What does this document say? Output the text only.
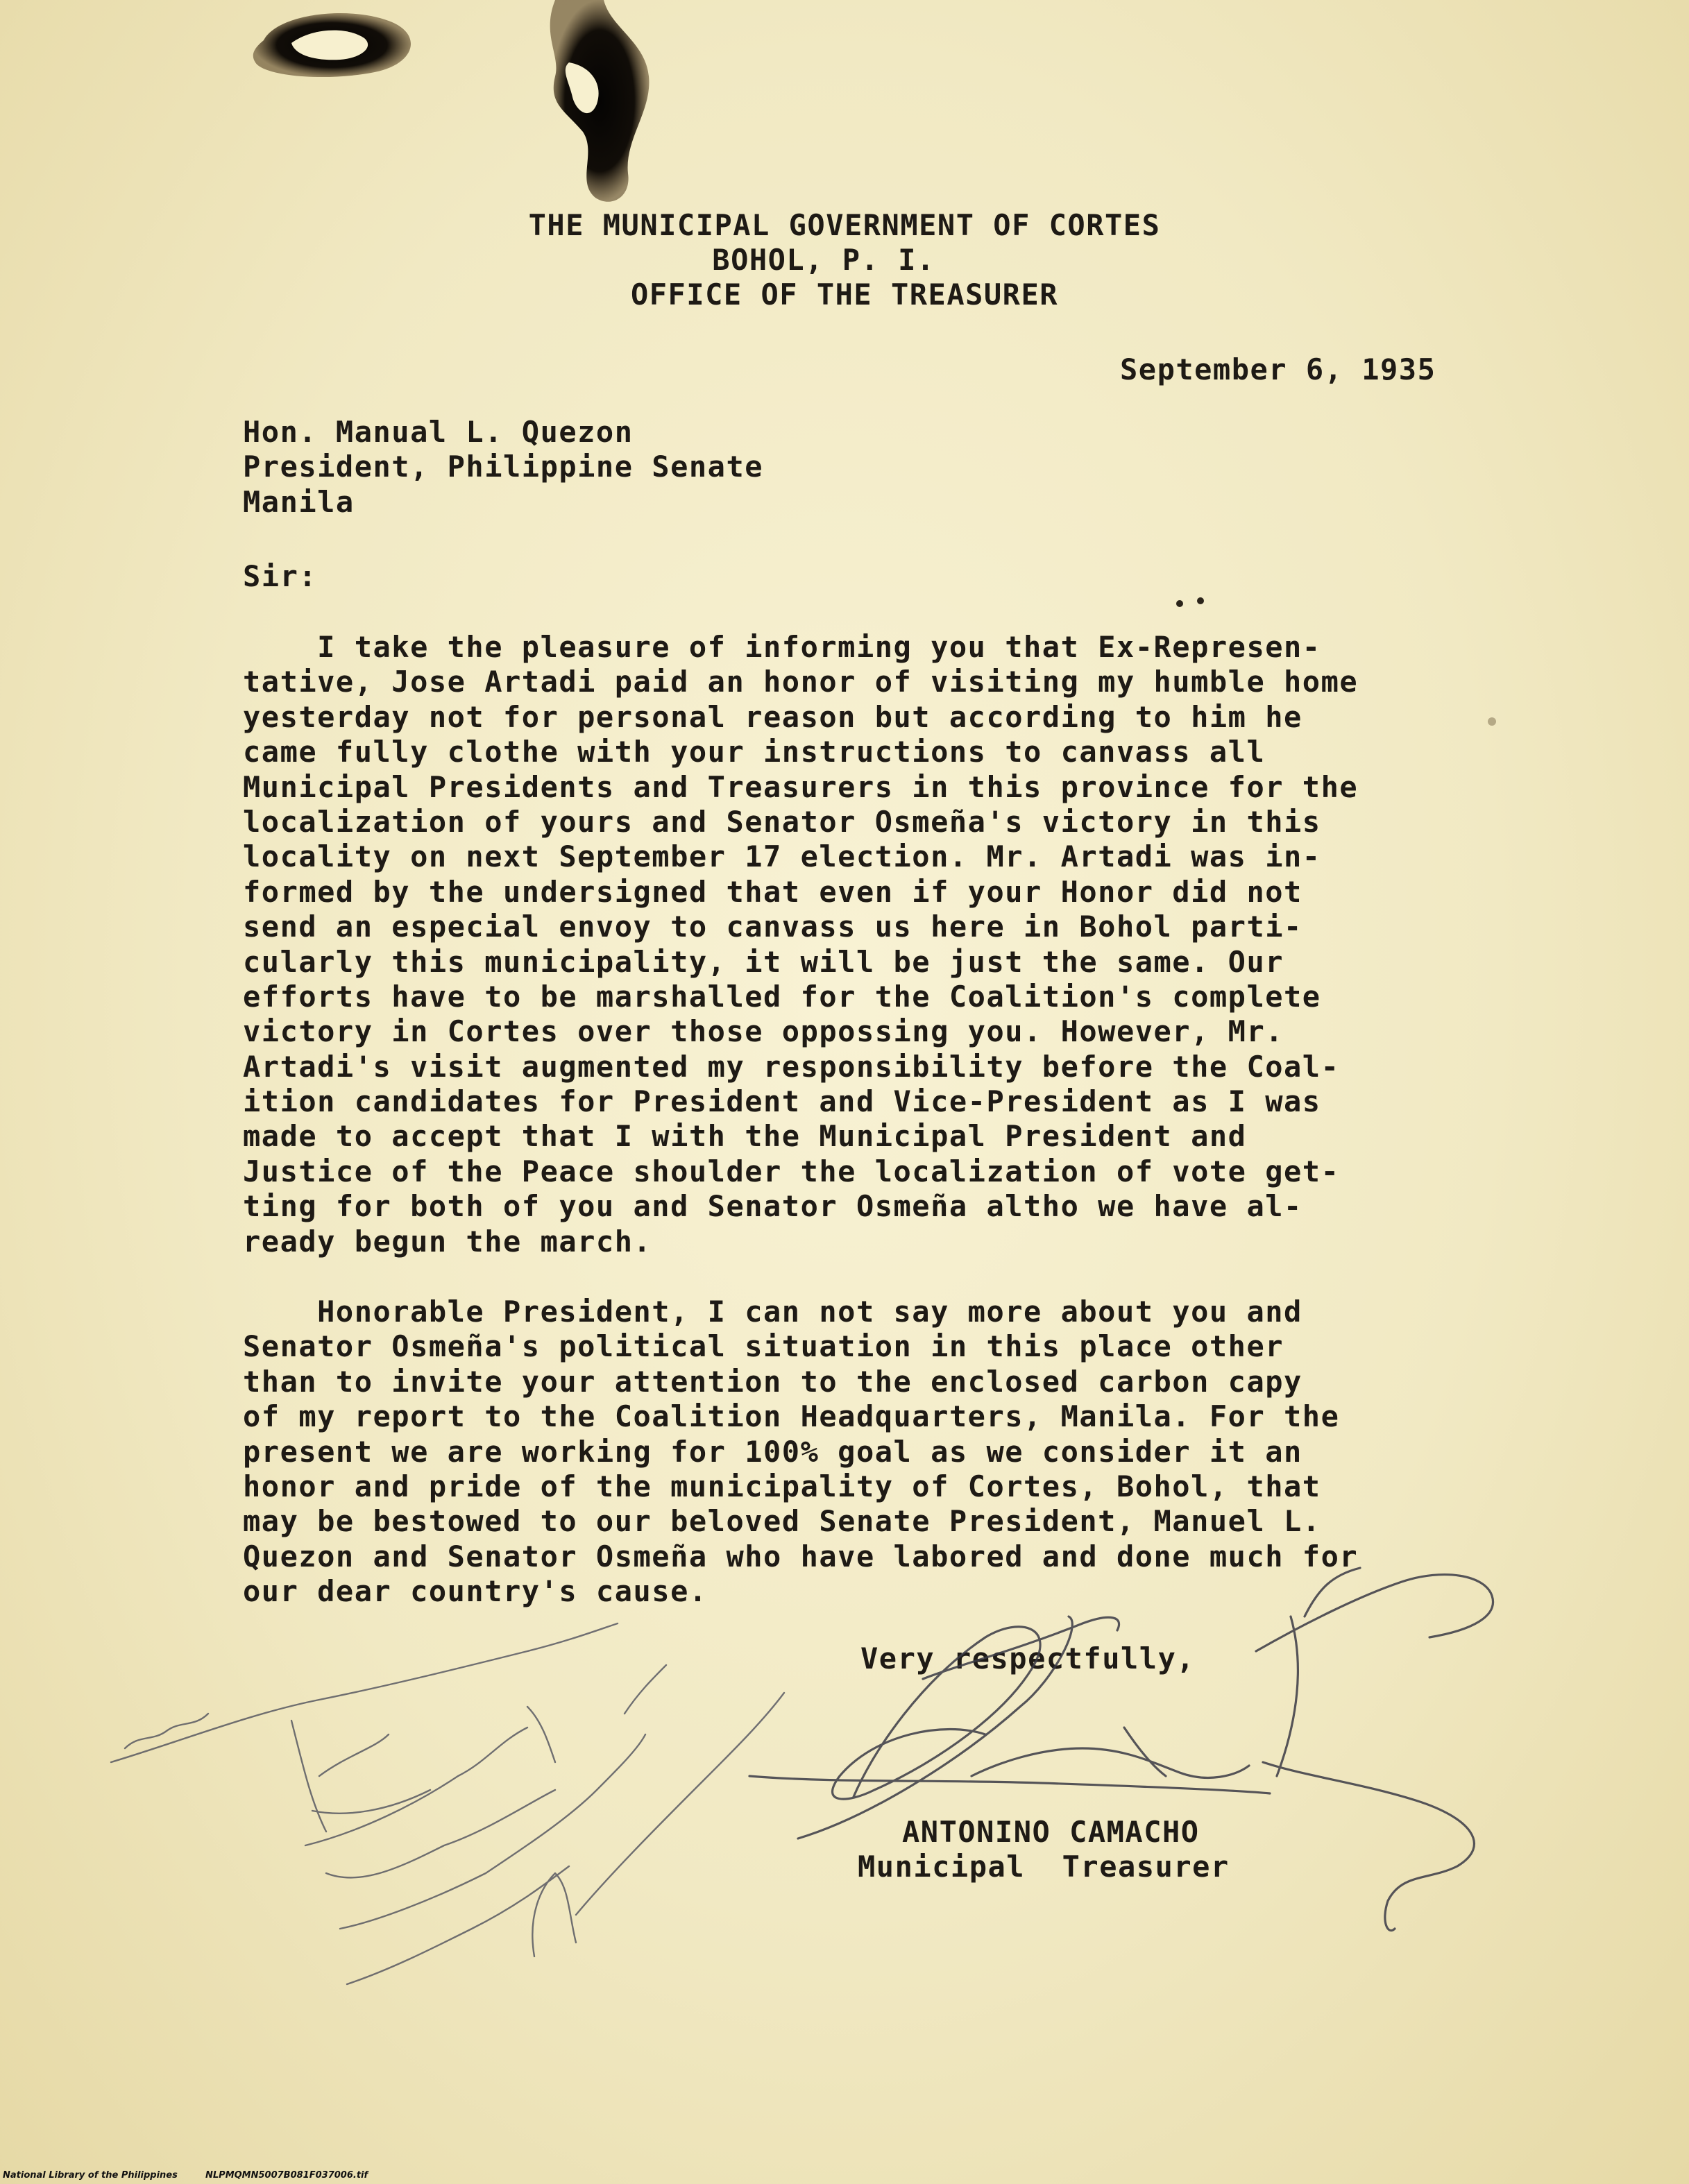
THE MUNICIPAL GOVERNMENT OF CORTES
BOHOL, P. I.
OFFICE OF THE TREASURER
September 6, 1935
Hon. Manual L. Quezon
President, Philippine Senate
Manila
Sir:
I take the pleasure of informing you that Ex-Represen-
tative, Jose Artadi paid an honor of visiting my humble home
yesterday not for personal reason but according to him he
came fully clothe with your instructions to canvass all
Municipal Presidents and Treasurers in this province for the
localization of yours and Senator Osmeña's victory in this
locality on next September 17 election. Mr. Artadi was in-
formed by the undersigned that even if your Honor did not
send an especial envoy to canvass us here in Bohol parti-
cularly this municipality, it will be just the same. Our
efforts have to be marshalled for the Coalition's complete
victory in Cortes over those oppossing you. However, Mr.
Artadi's visit augmented my responsibility before the Coal-
ition candidates for President and Vice-President as I was
made to accept that I with the Municipal President and
Justice of the Peace shoulder the localization of vote get-
ting for both of you and Senator Osmeña altho we have al-
ready begun the march.
Honorable President, I can not say more about you and
Senator Osmeña's political situation in this place other
than to invite your attention to the enclosed carbon capy
of my report to the Coalition Headquarters, Manila. For the
present we are working for 100% goal as we consider it an
honor and pride of the municipality of Cortes, Bohol, that
may be bestowed to our beloved Senate President, Manuel L.
Quezon and Senator Osmeña who have labored and done much for
our dear country's cause.
Very respectfully,
ANTONINO CAMACHO
Municipal  Treasurer
National Library of the Philippines	NLPMQMN5007B081F037006.tif
